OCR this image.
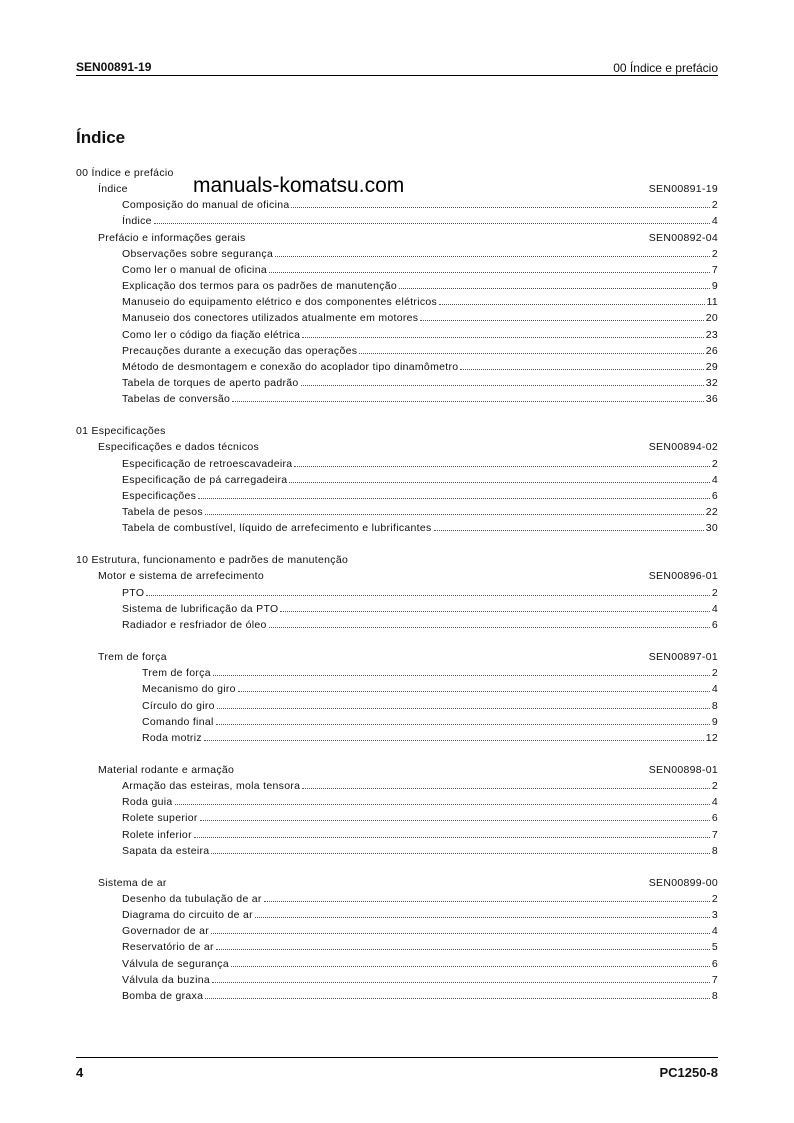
SEN00891-19	00 Índice e prefácio
Índice
00 Índice e prefácio
Índice	SEN00891-19
Composição do manual de oficina	2
Índice	4
Prefácio e informações gerais	SEN00892-04
Observações sobre segurança	2
Como ler o manual de oficina	7
Explicação dos termos para os padrões de manutenção	9
Manuseio do equipamento elétrico e dos componentes elétricos	11
Manuseio dos conectores utilizados atualmente em motores	20
Como ler o código da fiação elétrica	23
Precauções durante a execução das operações	26
Método de desmontagem e conexão do acoplador tipo dinamômetro	29
Tabela de torques de aperto padrão	32
Tabelas de conversão	36
01 Especificações
Especificações e dados técnicos	SEN00894-02
Especificação de retroescavadeira	2
Especificação de pá carregadeira	4
Especificações	6
Tabela de pesos	22
Tabela de combustível, líquido de arrefecimento e lubrificantes	30
10 Estrutura, funcionamento e padrões de manutenção
Motor e sistema de arrefecimento	SEN00896-01
PTO	2
Sistema de lubrificação da PTO	4
Radiador e resfriador de óleo	6
Trem de força	SEN00897-01
Trem de força	2
Mecanismo do giro	4
Círculo do giro	8
Comando final	9
Roda motriz	12
Material rodante e armação	SEN00898-01
Armação das esteiras, mola tensora	2
Roda guia	4
Rolete superior	6
Rolete inferior	7
Sapata da esteira	8
Sistema de ar	SEN00899-00
Desenho da tubulação de ar	2
Diagrama do circuito de ar	3
Governador de ar	4
Reservatório de ar	5
Válvula de segurança	6
Válvula da buzina	7
Bomba de graxa	8
manuals-komatsu.com
4	PC1250-8
